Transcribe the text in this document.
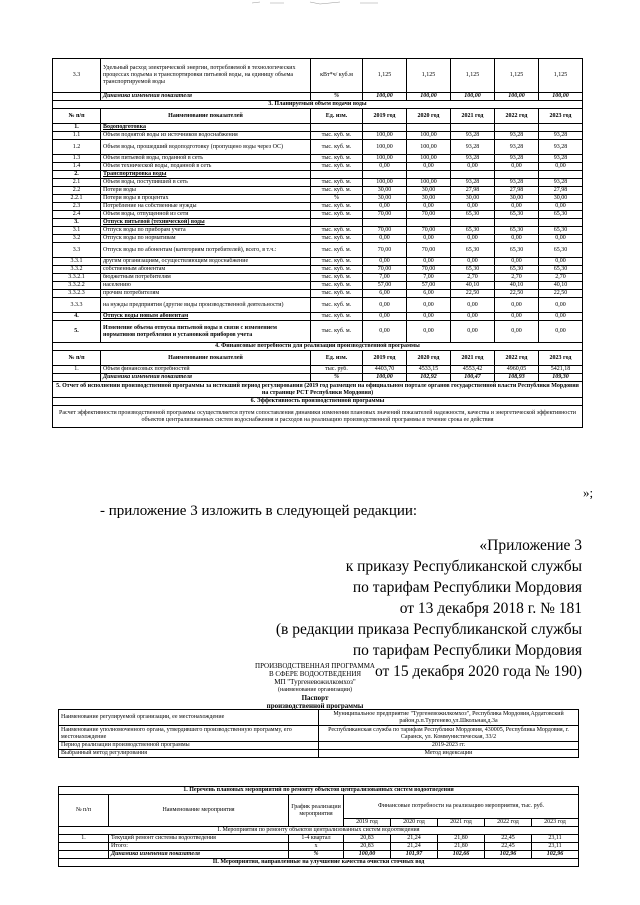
3.3	Удельный расход электрической энергии, потребляемой в технологических процессах подъема и транспортировки питьевой воды, на единицу объема транспортируемой воды	кВт*ч/ куб.м	1,125	1,125	1,125	1,125	1,125
	Динамика изменения показателя	%	100,00	100,00	100,00	100,00	100,00
3. Планируемый объем подачи воды							
№ п/п	Наименование показателей	Ед. изм.	2019 год	2020 год	2021 год	2022 год	2023 год
1.	Водоподготовка						
1.1	Объем поднятой воды из источников водоснабжения	тыс. куб. м.	100,00	100,00	93,28	93,28	93,28
1.2	Объем воды, прошедший водоподготовку (пропущено воды через ОС)	тыс. куб. м.	100,00	100,00	93,28	93,28	93,28
1.3	Объем питьевой воды, поданной в сеть	тыс. куб. м.	100,00	100,00	93,28	93,28	93,28
1.4	Объем технической воды, поданной в сеть	тыс. куб. м.	0,00	0,00	0,00	0,00	0,00
2.	Транспортировка воды						
2.1	Объем воды, поступившей в сеть	тыс. куб. м.	100,00	100,00	93,28	93,28	93,28
2.2	Потери воды	тыс. куб. м.	30,00	30,00	27,98	27,98	27,98
2.2.1	Потери воды в процентах	%	30,00	30,00	30,00	30,00	30,00
2.3	Потребление на собственные нужды	тыс. куб. м.	0,00	0,00	0,00	0,00	0,00
2.4	Объем воды, отпущенной из сети	тыс. куб. м.	70,00	70,00	65,30	65,30	65,30
3.	Отпуск питьевой (технической) воды						
3.1	Отпуск воды по приборам учета	тыс. куб. м.	70,00	70,00	65,30	65,30	65,30
3.2	Отпуск воды по нормативам	тыс. куб. м.	0,00	0,00	0,00	0,00	0,00
3.3	Отпуск воды по абонентам (категориям потребителей), всего, в т.ч.:	тыс. куб. м.	70,00	70,00	65,30	65,30	65,30
3.3.1	другим организациям, осуществляющим водоснабжение	тыс. куб. м.	0,00	0,00	0,00	0,00	0,00
3.3.2	собственным абонентам	тыс. куб. м.	70,00	70,00	65,30	65,30	65,30
3.3.2.1	бюджетным потребителям	тыс. куб. м.	7,00	7,00	2,70	2,70	2,70
3.3.2.2	населению	тыс. куб. м.	57,00	57,00	40,10	40,10	40,10
3.3.2.3	прочим потребителям	тыс. куб. м.	6,00	6,00	22,50	22,50	22,50
3.3.3	на нужды предприятия (другие виды производственной деятельности)	тыс. куб. м.	0,00	0,00	0,00	0,00	0,00
4.	Отпуск воды новым абонентам	тыс. куб. м.	0,00	0,00	0,00	0,00	0,00
5.	Изменение объема отпуска питьевой воды в связи с изменением нормативов потребления и установкой приборов учета	тыс. куб. м.	0,00	0,00	0,00	0,00	0,00
4. Финансовые потребности для реализации производственной программы							
№ п/п	Наименование показателей	Ед. изм.	2019 год	2020 год	2021 год	2022 год	2023 год
1.	Объем финансовых потребностей	тыс. руб.	4403,70	4533,15	4553,42	4960,05	5421,18
	Динамика изменения показателя	%	100,00	102,92	100,47	108,93	109,30
5. Отчет об исполнении производственной программы за истекший период регулирования (2019 год размещен на официальном портале органов государственной власти Республики Мордовия на странице РСТ Республики Мордовия)							
6. Эффективность производственной программы							
Расчет эффективности производственной программы осуществляется путем сопоставления динамики изменения плановых значений показателей надежности, качества и энергетической эффективности объектов централизованных систем водоснабжения и расходов на реализацию производственной программы в течение срока ее действия							
»;
- приложение 3 изложить в следующей редакции:
«Приложение 3
к приказу Республиканской службы
по тарифам Республики Мордовия
от 13 декабря 2018 г. № 181
(в редакции приказа Республиканской службы
по тарифам Республики Мордовия
от 15 декабря 2020 года № 190)
ПРОИЗВОДСТВЕННАЯ ПРОГРАММА
В СФЕРЕ ВОДООТВЕДЕНИЯ
МП "Тургеневожилкомхоз"
(наименование организации)
Паспорт
производственной программы
Наименование регулируемой организации, ее местонахождение	Муниципальное предприятие "Тургеневожилкомхоз", Республика Мордовия,Ардатовский район,р.п.Тургенево,ул.Школьная,д.3а
Наименование уполномоченного органа, утвердившего производственную программу, его местонахождение	Республиканская служба по тарифам Республики Мордовия, 430005, Республика Мордовия, г. Саранск, ул. Коммунистическая, 33/2
Период реализации производственной программы	2019-2023 гг.
Выбранный метод регулирования	Метод индексации
1. Перечень плановых мероприятий по ремонту объектов централизованных систем водоотведения							
№ п/п	Наименование мероприятия	График реализации мероприятия	Финансовые потребности на реализацию мероприятия, тыс. руб.				
			2019 год	2020 год	2021 год	2022 год	2023 год
I. Мероприятия по ремонту объектов централизованных систем водоотведения							
1.	Текущий ремонт системы водоотведения	1-4 квартал	20,83	21,24	21,80	22,45	23,11
	Итого:	x	20,83	21,24	21,80	22,45	23,11
	Динамика изменения показателя	%	100,00	101,97	102,66	102,96	102,96
II. Мероприятия, направленные на улучшение качества очистки сточных вод							
